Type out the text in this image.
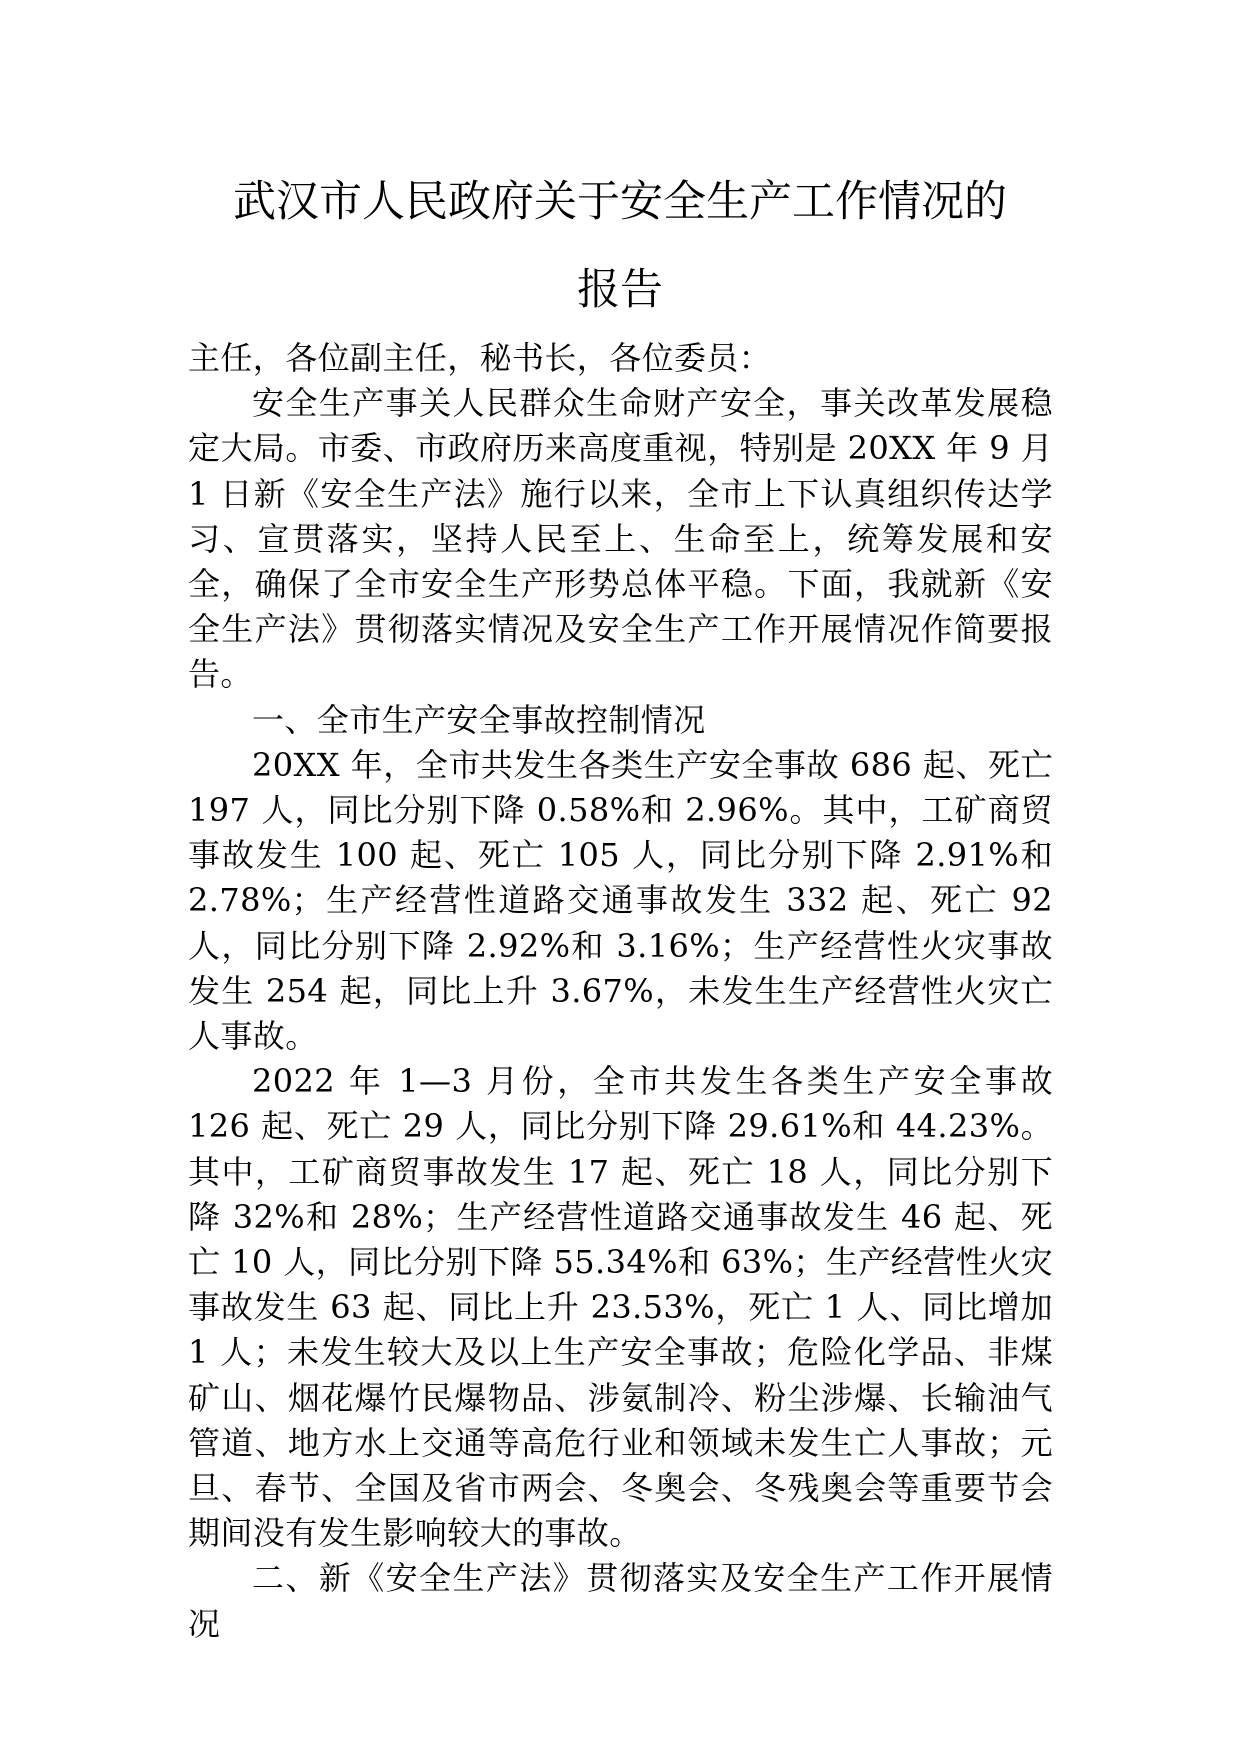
武汉市人民政府关于安全生产工作情况的
报告

主任，各位副主任，秘书长，各位委员：

安全生产事关人民群众生命财产安全，事关改革发展稳定大局。市委、市政府历来高度重视，特别是 20XX 年 9 月 1 日新《安全生产法》施行以来，全市上下认真组织传达学习、宣贯落实，坚持人民至上、生命至上，统筹发展和安全，确保了全市安全生产形势总体平稳。下面，我就新《安全生产法》贯彻落实情况及安全生产工作开展情况作简要报告。

一、全市生产安全事故控制情况

20XX 年，全市共发生各类生产安全事故 686 起、死亡 197 人，同比分别下降 0.58%和 2.96%。其中，工矿商贸事故发生 100 起、死亡 105 人，同比分别下降 2.91%和 2.78%；生产经营性道路交通事故发生 332 起、死亡 92 人，同比分别下降 2.92%和 3.16%；生产经营性火灾事故发生 254 起，同比上升 3.67%，未发生生产经营性火灾亡人事故。

2022 年 1—3 月份，全市共发生各类生产安全事故 126 起、死亡 29 人，同比分别下降 29.61%和 44.23%。其中，工矿商贸事故发生 17 起、死亡 18 人，同比分别下降 32%和 28%；生产经营性道路交通事故发生 46 起、死亡 10 人，同比分别下降 55.34%和 63%；生产经营性火灾事故发生 63 起、同比上升 23.53%，死亡 1 人、同比增加 1 人；未发生较大及以上生产安全事故；危险化学品、非煤矿山、烟花爆竹民爆物品、涉氨制冷、粉尘涉爆、长输油气管道、地方水上交通等高危行业和领域未发生亡人事故；元旦、春节、全国及省市两会、冬奥会、冬残奥会等重要节会期间没有发生影响较大的事故。

二、新《安全生产法》贯彻落实及安全生产工作开展情况
